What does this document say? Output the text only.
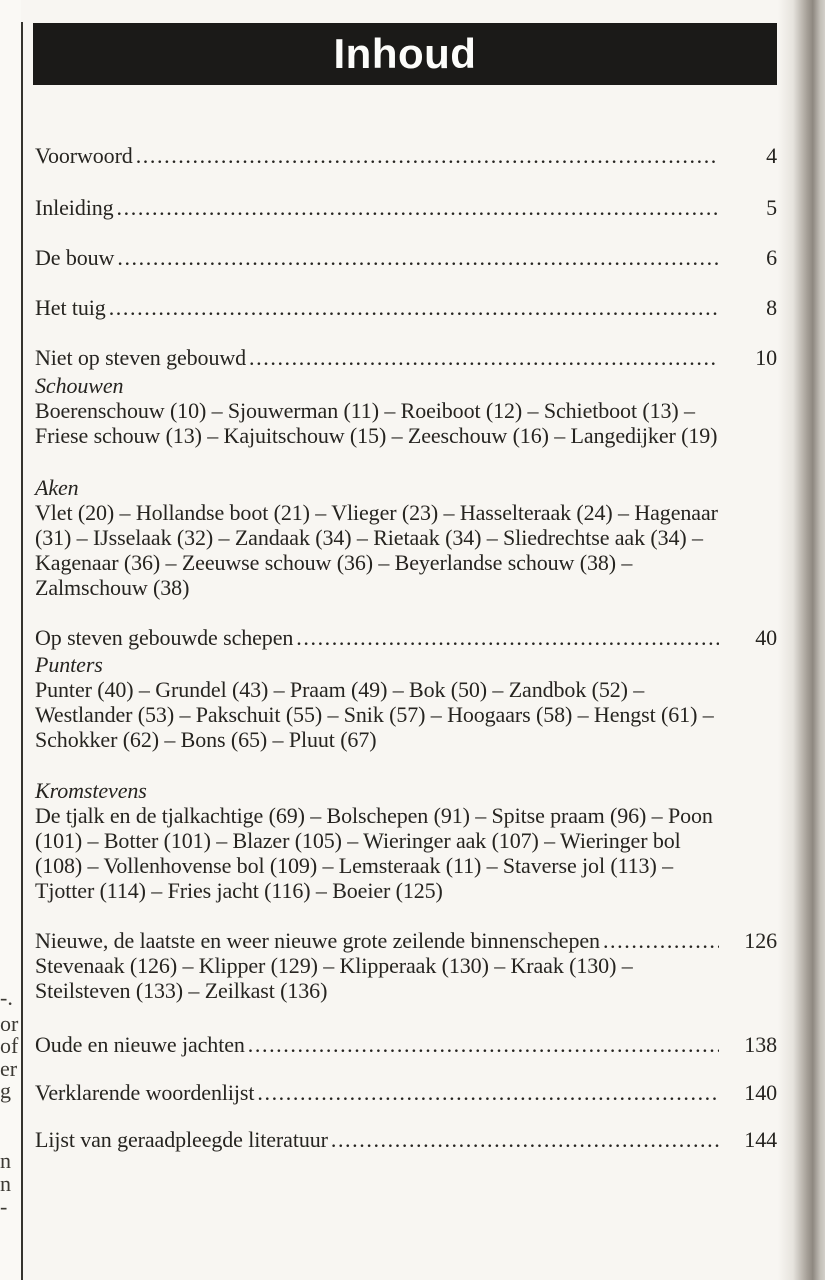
-.
or
of
er
g
n
n
-
Inhoud
Voorwoord .....	4
Inleiding .....	5
De bouw .....	6
Het tuig .....	8
Niet op steven gebouwd .....	10
Schouwen
Boerenschouw (10) – Sjouwerman (11) – Roeiboot (12) – Schietboot (13) –
Friese schouw (13) – Kajuitschouw (15) – Zeeschouw (16) – Langedijker (19)
Aken
Vlet (20) – Hollandse boot (21) – Vlieger (23) – Hasselteraak (24) – Hagenaar
(31) – IJsselaak (32) – Zandaak (34) – Rietaak (34) – Sliedrechtse aak (34) –
Kagenaar (36) – Zeeuwse schouw (36) – Beyerlandse schouw (38) –
Zalmschouw (38)
Op steven gebouwde schepen .....	40
Punters
Punter (40) – Grundel (43) – Praam (49) – Bok (50) – Zandbok (52) –
Westlander (53) – Pakschuit (55) – Snik (57) – Hoogaars (58) – Hengst (61) –
Schokker (62) – Bons (65) – Pluut (67)
Kromstevens
De tjalk en de tjalkachtige (69) – Bolschepen (91) – Spitse praam (96) – Poon
(101) – Botter (101) – Blazer (105) – Wieringer aak (107) – Wieringer bol
(108) – Vollenhovense bol (109) – Lemsteraak (11) – Staverse jol (113) –
Tjotter (114) – Fries jacht (116) – Boeier (125)
Nieuwe, de laatste en weer nieuwe grote zeilende binnenschepen .....	126
Stevenaak (126) – Klipper (129) – Klipperaak (130) – Kraak (130) –
Steilsteven (133) – Zeilkast (136)
Oude en nieuwe jachten .....	138
Verklarende woordenlijst .....	140
Lijst van geraadpleegde literatuur .....	144
